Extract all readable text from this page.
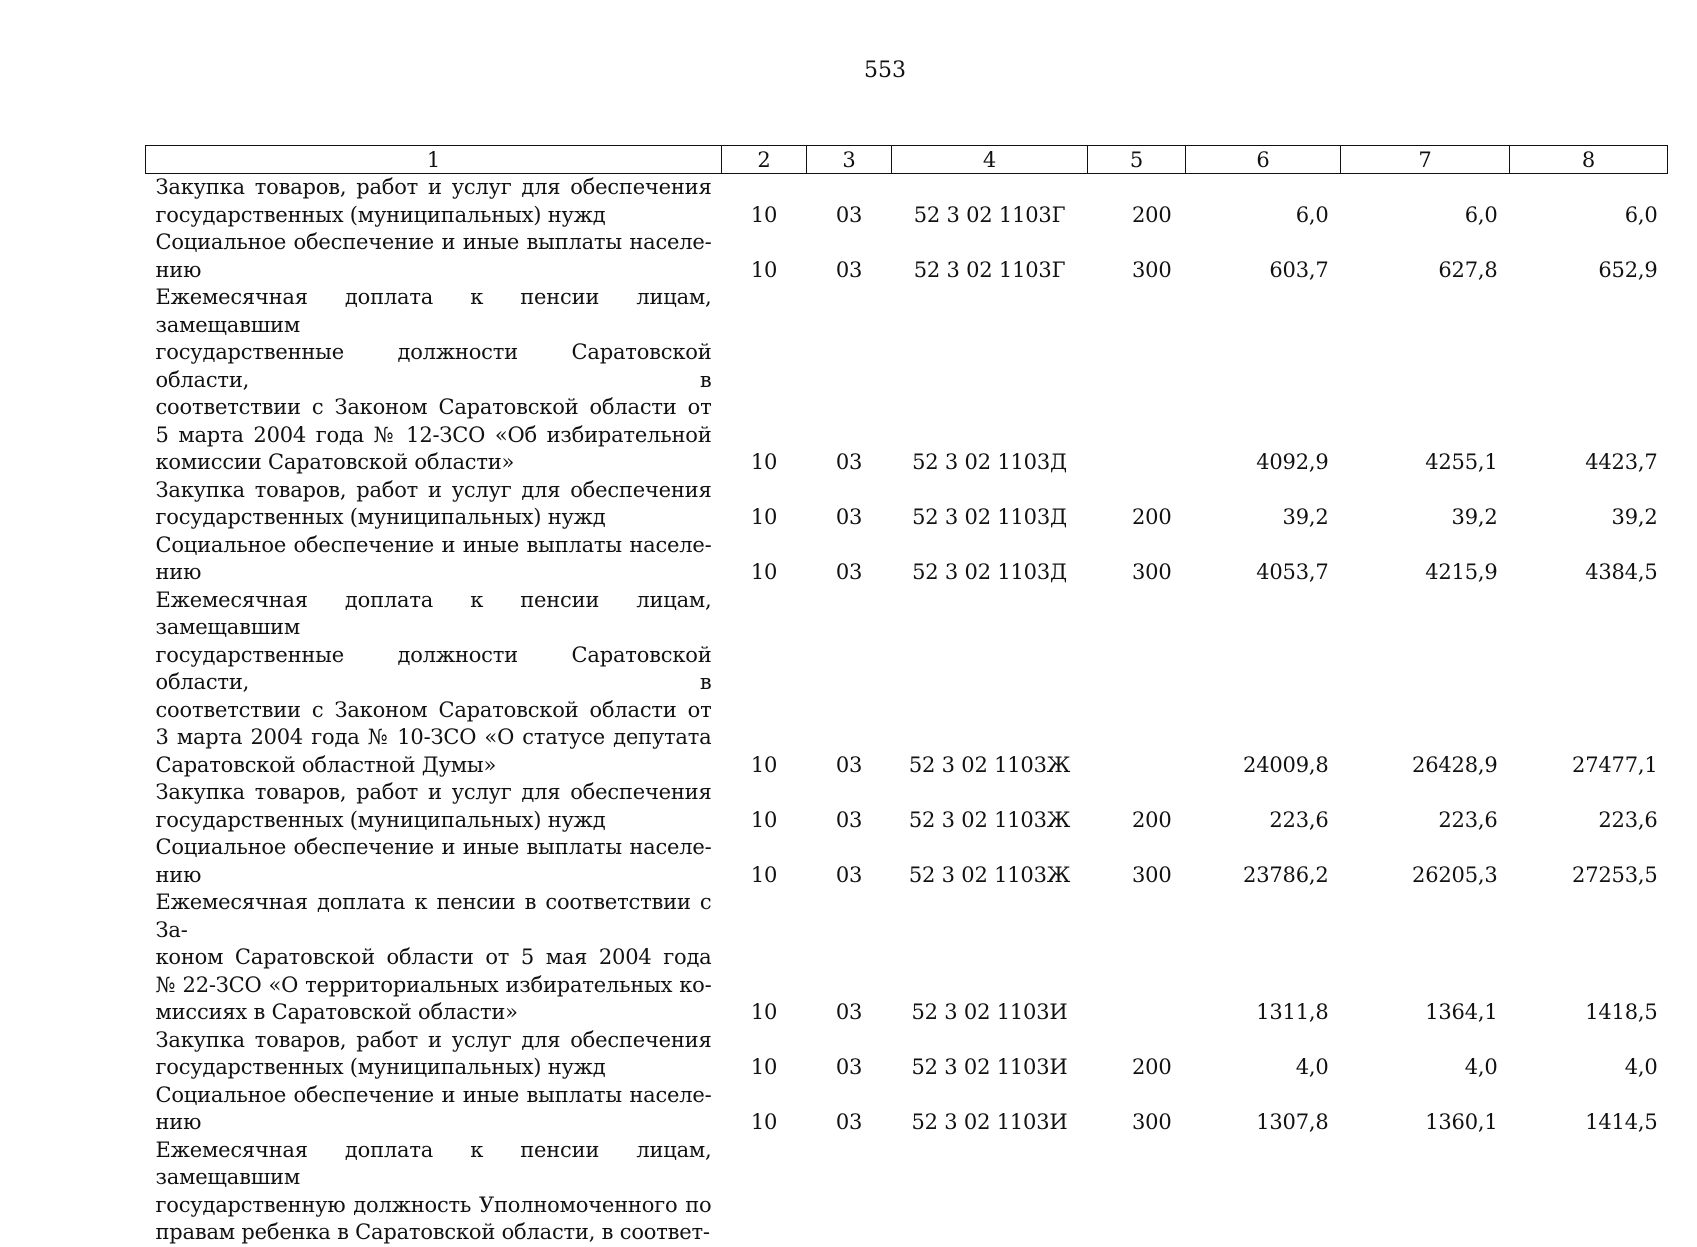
553
1	2	3	4	5	6	7	8

Закупка товаров, работ и услуг для обеспечения
государственных (муниципальных) нужд	10	03	52 3 02 1103Г	200	6,0	6,0	6,0

Социальное обеспечение и иные выплаты населе-
нию	10	03	52 3 02 1103Г	300	603,7	627,8	652,9

Ежемесячная доплата к пенсии лицам, замещавшим
государственные должности Саратовской области, в
соответствии с Законом Саратовской области от
5 марта 2004 года № 12-ЗСО «Об избирательной
комиссии Саратовской области»	10	03	52 3 02 1103Д		4092,9	4255,1	4423,7

Закупка товаров, работ и услуг для обеспечения
государственных (муниципальных) нужд	10	03	52 3 02 1103Д	200	39,2	39,2	39,2

Социальное обеспечение и иные выплаты населе-
нию	10	03	52 3 02 1103Д	300	4053,7	4215,9	4384,5

Ежемесячная доплата к пенсии лицам, замещавшим
государственные должности Саратовской области, в
соответствии с Законом Саратовской области от
3 марта 2004 года № 10-ЗСО «О статусе депутата
Саратовской областной Думы»	10	03	52 3 02 1103Ж		24009,8	26428,9	27477,1

Закупка товаров, работ и услуг для обеспечения
государственных (муниципальных) нужд	10	03	52 3 02 1103Ж	200	223,6	223,6	223,6

Социальное обеспечение и иные выплаты населе-
нию	10	03	52 3 02 1103Ж	300	23786,2	26205,3	27253,5

Ежемесячная доплата к пенсии в соответствии с За-
коном Саратовской области от 5 мая 2004 года
№ 22-ЗСО «О территориальных избирательных ко-
миссиях в Саратовской области»	10	03	52 3 02 1103И		1311,8	1364,1	1418,5

Закупка товаров, работ и услуг для обеспечения
государственных (муниципальных) нужд	10	03	52 3 02 1103И	200	4,0	4,0	4,0

Социальное обеспечение и иные выплаты населе-
нию	10	03	52 3 02 1103И	300	1307,8	1360,1	1414,5

Ежемесячная доплата к пенсии лицам, замещавшим
государственную должность Уполномоченного по
правам ребенка в Саратовской области, в соответ-							
